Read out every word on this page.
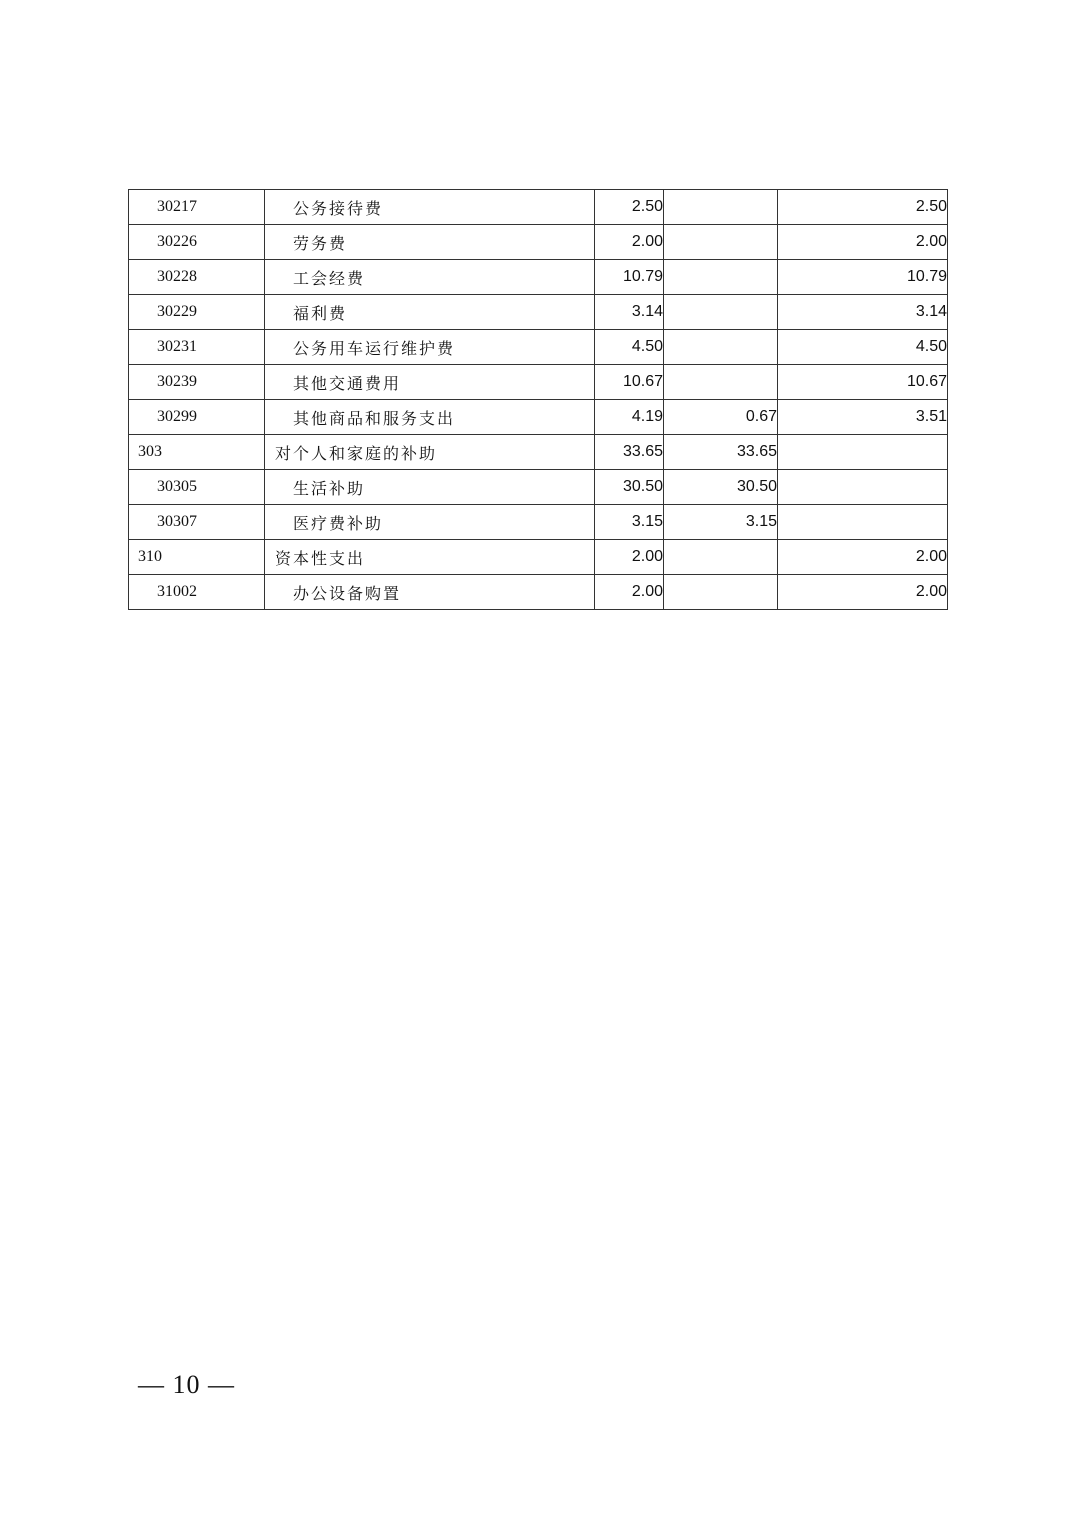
30217	公务接待费	2.50		2.50
30226	劳务费	2.00		2.00
30228	工会经费	10.79		10.79
30229	福利费	3.14		3.14
30231	公务用车运行维护费	4.50		4.50
30239	其他交通费用	10.67		10.67
30299	其他商品和服务支出	4.19	0.67	3.51
303	对个人和家庭的补助	33.65	33.65	
30305	生活补助	30.50	30.50	
30307	医疗费补助	3.15	3.15	
310	资本性支出	2.00		2.00
31002	办公设备购置	2.00		2.00
— 10 —
